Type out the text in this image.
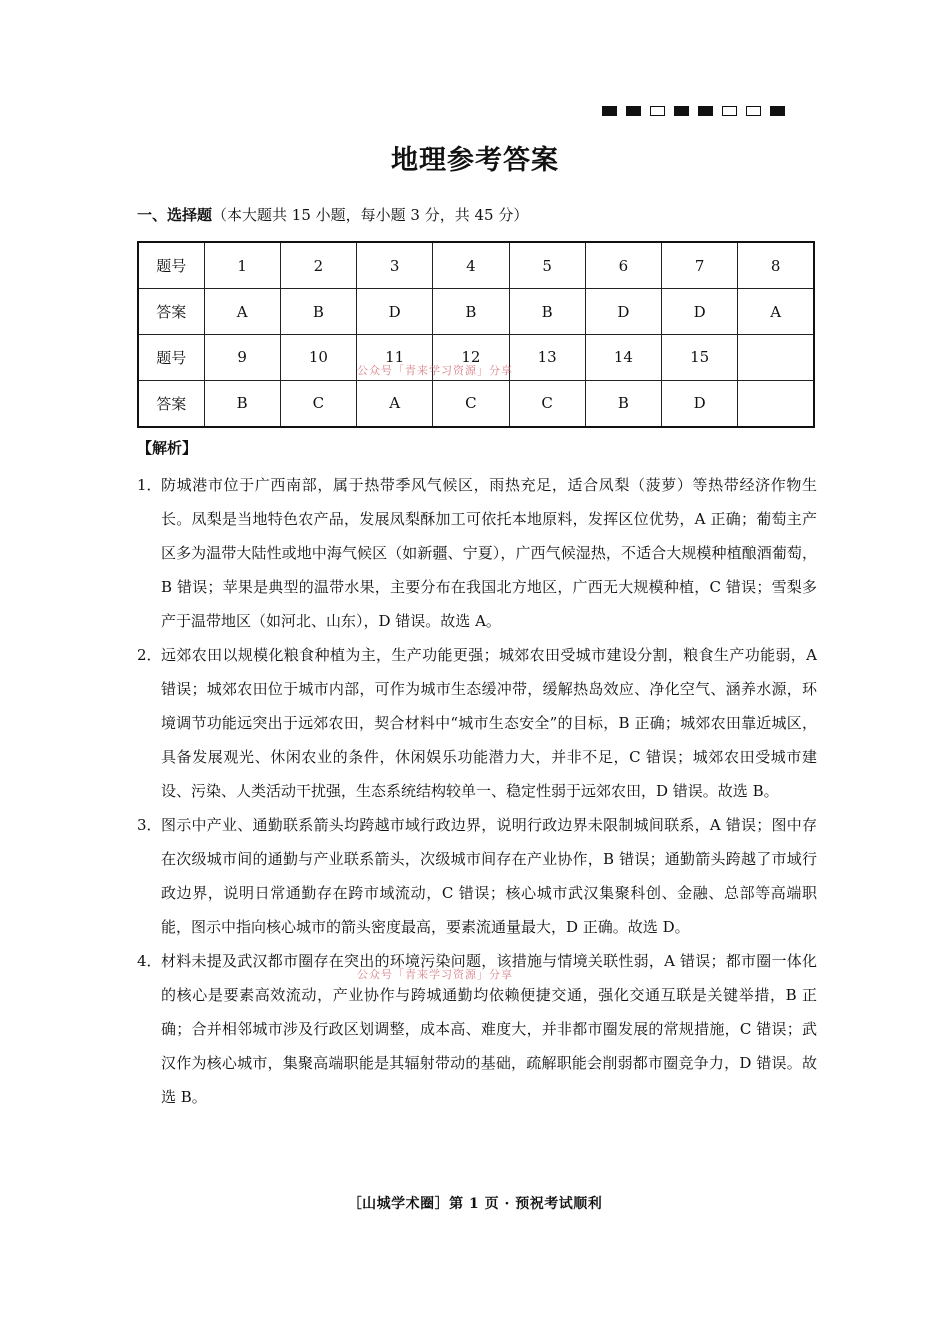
地理参考答案
一、选择题（本大题共 15 小题，每小题 3 分，共 45 分）
题号	1	2	3	4	5	6	7	8
答案	A	B	D	B	B	D	D	A
题号	9	10	11	12	13	14	15	
答案	B	C	A	C	C	B	D	
公众号「青来学习资源」分享
公众号「青来学习资源」分享
【解析】
1． 防城港市位于广西南部，属于热带季风气候区，雨热充足，适合凤梨（菠萝）等热带经济作物生长。凤梨是当地特色农产品，发展凤梨酥加工可依托本地原料，发挥区位优势，A 正确；葡萄主产区多为温带大陆性或地中海气候区（如新疆、宁夏），广西气候湿热，不适合大规模种植酿酒葡萄，B 错误；苹果是典型的温带水果，主要分布在我国北方地区，广西无大规模种植，C 错误；雪梨多产于温带地区（如河北、山东），D 错误。故选 A。
2． 远郊农田以规模化粮食种植为主，生产功能更强；城郊农田受城市建设分割，粮食生产功能弱，A 错误；城郊农田位于城市内部，可作为城市生态缓冲带，缓解热岛效应、净化空气、涵养水源，环境调节功能远突出于远郊农田，契合材料中“城市生态安全”的目标，B 正确；城郊农田靠近城区，具备发展观光、休闲农业的条件，休闲娱乐功能潜力大，并非不足，C 错误；城郊农田受城市建设、污染、人类活动干扰强，生态系统结构较单一、稳定性弱于远郊农田，D 错误。故选 B。
3． 图示中产业、通勤联系箭头均跨越市域行政边界，说明行政边界未限制城间联系，A 错误；图中存在次级城市间的通勤与产业联系箭头，次级城市间存在产业协作，B 错误；通勤箭头跨越了市域行政边界，说明日常通勤存在跨市域流动，C 错误；核心城市武汉集聚科创、金融、总部等高端职能，图示中指向核心城市的箭头密度最高，要素流通量最大，D 正确。故选 D。
4． 材料未提及武汉都市圈存在突出的环境污染问题，该措施与情境关联性弱，A 错误；都市圈一体化的核心是要素高效流动，产业协作与跨城通勤均依赖便捷交通，强化交通互联是关键举措，B 正确；合并相邻城市涉及行政区划调整，成本高、难度大，并非都市圈发展的常规措施，C 错误；武汉作为核心城市，集聚高端职能是其辐射带动的基础，疏解职能会削弱都市圈竞争力，D 错误。故选 B。
［山城学术圈］第 1 页 · 预祝考试顺利
